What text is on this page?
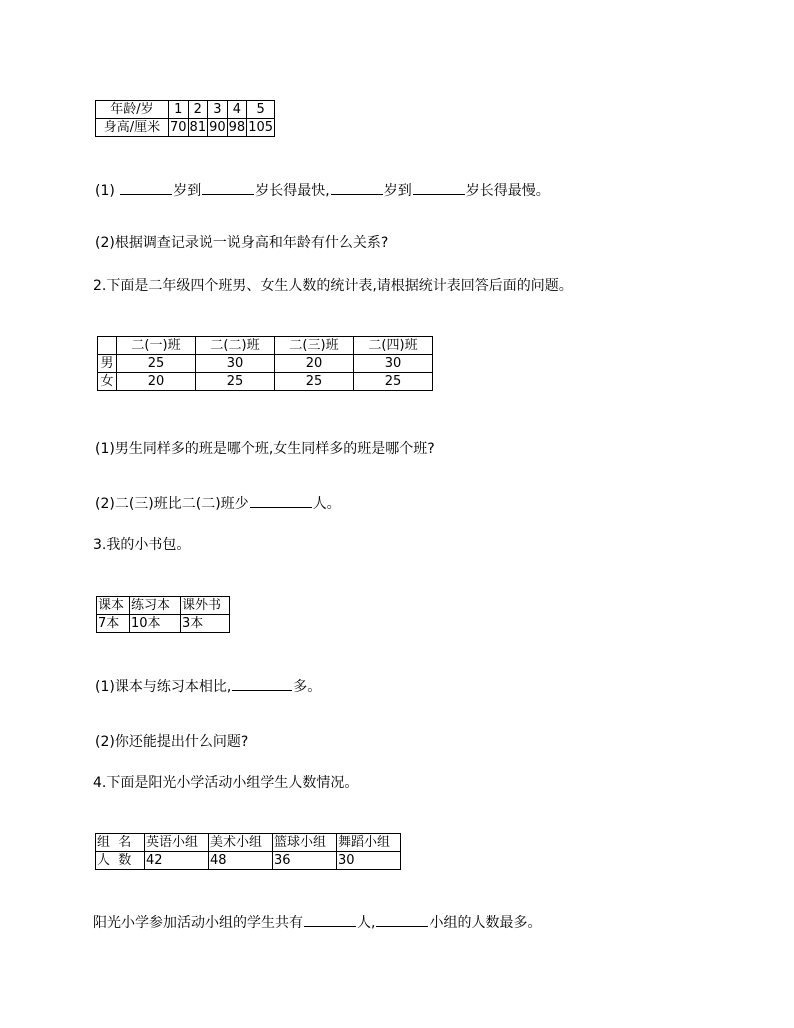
年龄/岁	1	2	3	4	5
身高/厘米	70	81	90	98	105
(1)	岁到	岁长得最快,	岁到	岁长得最慢。
(2)根据调查记录说一说身高和年龄有什么关系?
2.下面是二年级四个班男、女生人数的统计表,请根据统计表回答后面的问题。
	二(一)班	二(二)班	二(三)班	二(四)班
男	25	30	20	30
女	20	25	25	25
(1)男生同样多的班是哪个班,女生同样多的班是哪个班?
(2)二(三)班比二(二)班少	人。
3.我的小书包。
课本	练习本	课外书
7本	10本	3本
(1)课本与练习本相比,	多。
(2)你还能提出什么问题?
4.下面是阳光小学活动小组学生人数情况。
组  名	英语小组	美术小组	篮球小组	舞蹈小组
人  数	42	48	36	30
阳光小学参加活动小组的学生共有	人,	小组的人数最多。
